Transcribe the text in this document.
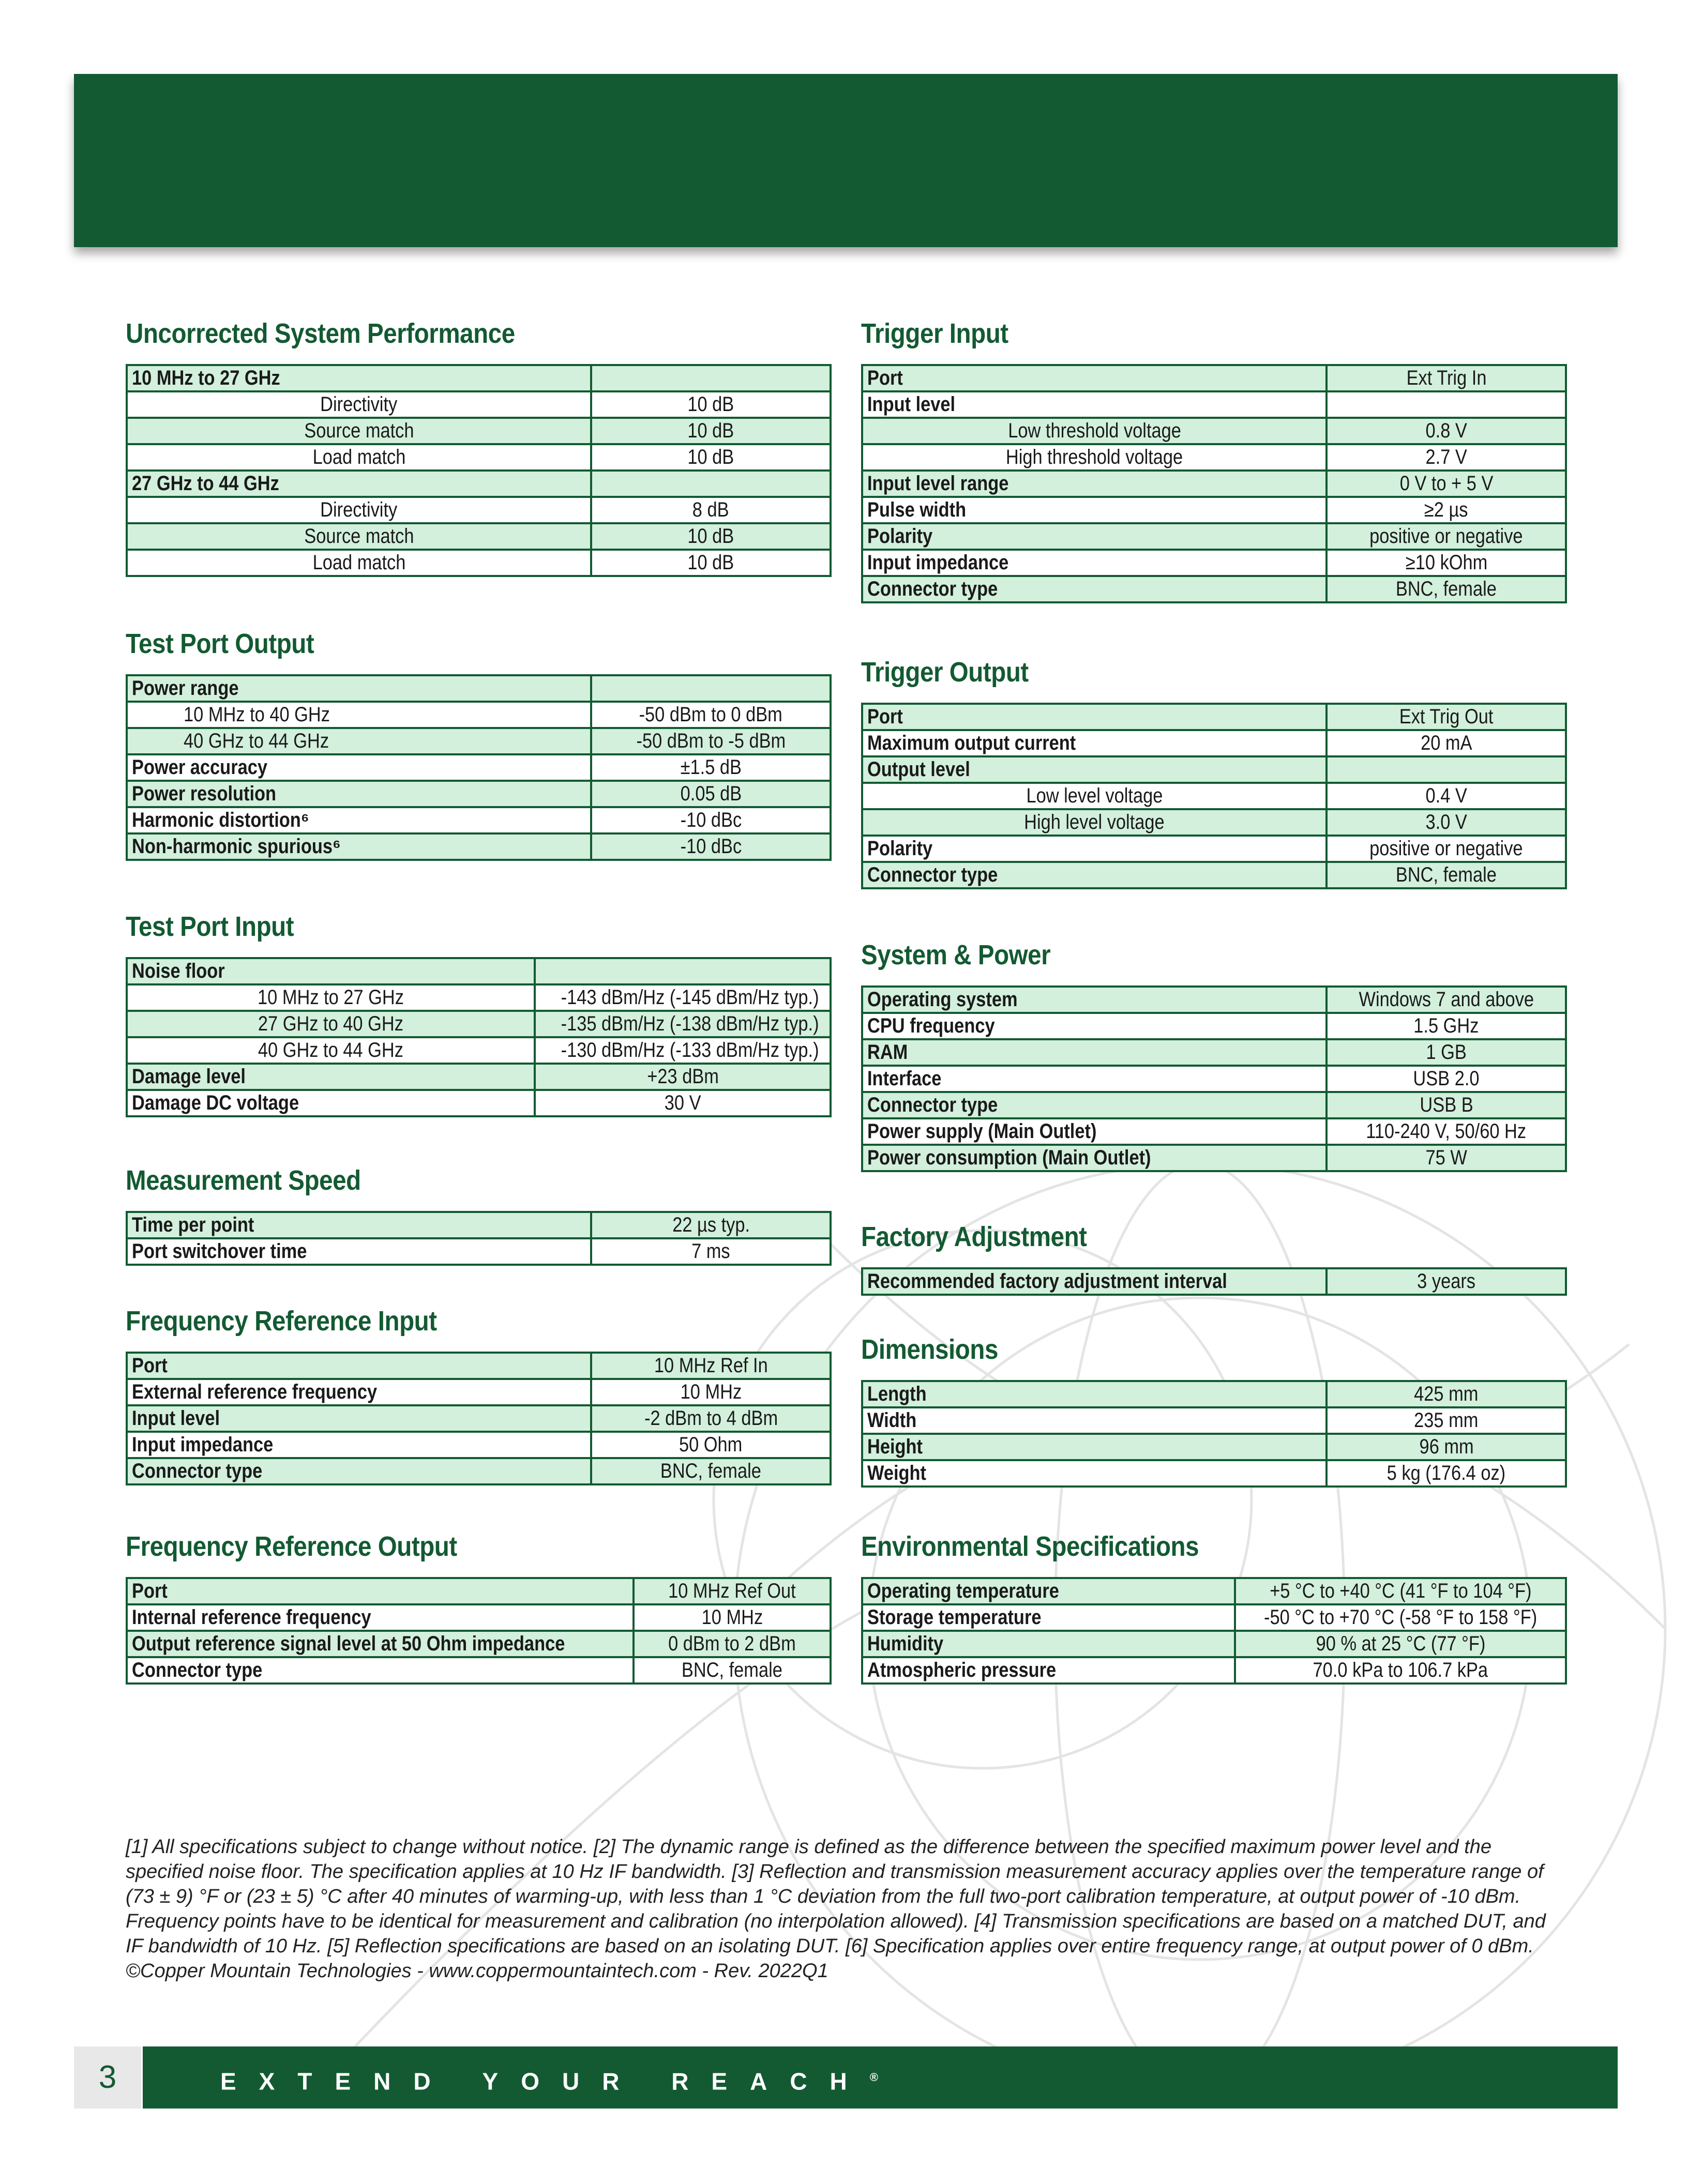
Uncorrected System Performance
10 MHz to 27 GHz	
Directivity	10 dB
Source match	10 dB
Load match	10 dB
27 GHz to 44 GHz	
Directivity	8 dB
Source match	10 dB
Load match	10 dB
Test Port Output
Power range	
10 MHz to 40 GHz	-50 dBm to 0 dBm
40 GHz to 44 GHz	-50 dBm to -5 dBm
Power accuracy	±1.5 dB
Power resolution	0.05 dB
Harmonic distortion⁶	-10 dBc
Non-harmonic spurious⁶	-10 dBc
Test Port Input
Noise floor	
10 MHz to 27 GHz	-143 dBm/Hz (-145 dBm/Hz typ.)
27 GHz to 40 GHz	-135 dBm/Hz (-138 dBm/Hz typ.)
40 GHz to 44 GHz	-130 dBm/Hz (-133 dBm/Hz typ.)
Damage level	+23 dBm
Damage DC voltage	30 V
Measurement Speed
Time per point	22 µs typ.
Port switchover time	7 ms
Frequency Reference Input
Port	10 MHz Ref In
External reference frequency	10 MHz
Input level	-2 dBm to 4 dBm
Input impedance	50 Ohm
Connector type	BNC, female
Frequency Reference Output
Port	10 MHz Ref Out
Internal reference frequency	10 MHz
Output reference signal level at 50 Ohm impedance	0 dBm to 2 dBm
Connector type	BNC, female
Trigger Input
Port	Ext Trig In
Input level	
Low threshold voltage	0.8 V
High threshold voltage	2.7 V
Input level range	0 V to + 5 V
Pulse width	≥2 µs
Polarity	positive or negative
Input impedance	≥10 kOhm
Connector type	BNC, female
Trigger Output
Port	Ext Trig Out
Maximum output current	20 mA
Output level	
Low level voltage	0.4 V
High level voltage	3.0 V
Polarity	positive or negative
Connector type	BNC, female
System & Power
Operating system	Windows 7 and above
CPU frequency	1.5 GHz
RAM	1 GB
Interface	USB 2.0
Connector type	USB B
Power supply (Main Outlet)	110-240 V, 50/60 Hz
Power consumption (Main Outlet)	75 W
Factory Adjustment
Recommended factory adjustment interval	3 years
Dimensions
Length	425 mm
Width	235 mm
Height	96 mm
Weight	5 kg (176.4 oz)
Environmental Specifications
Operating temperature	+5 °C to +40 °C (41 °F to 104 °F)
Storage temperature	-50 °C to +70 °C (-58 °F to 158 °F)
Humidity	90 % at 25 °C (77 °F)
Atmospheric pressure	70.0 kPa to 106.7 kPa
[1] All specifications subject to change without notice. [2] The dynamic range is defined as the difference between the specified maximum power level and the specified noise floor. The specification applies at 10 Hz IF bandwidth. [3] Reflection and transmission measurement accuracy applies over the temperature range of (73 ± 9) °F or (23 ± 5) °C after 40 minutes of warming-up, with less than 1 °C deviation from the full two-port calibration temperature, at output power of -10 dBm. Frequency points have to be identical for measurement and calibration (no interpolation allowed). [4] Transmission specifications are based on a matched DUT, and IF bandwidth of 10 Hz. [5] Reflection specifications are based on an isolating DUT. [6] Specification applies over entire frequency range, at output power of 0 dBm. ©Copper Mountain Technologies - www.coppermountaintech.com - Rev. 2022Q1
3	EXTEND YOUR REACH®
